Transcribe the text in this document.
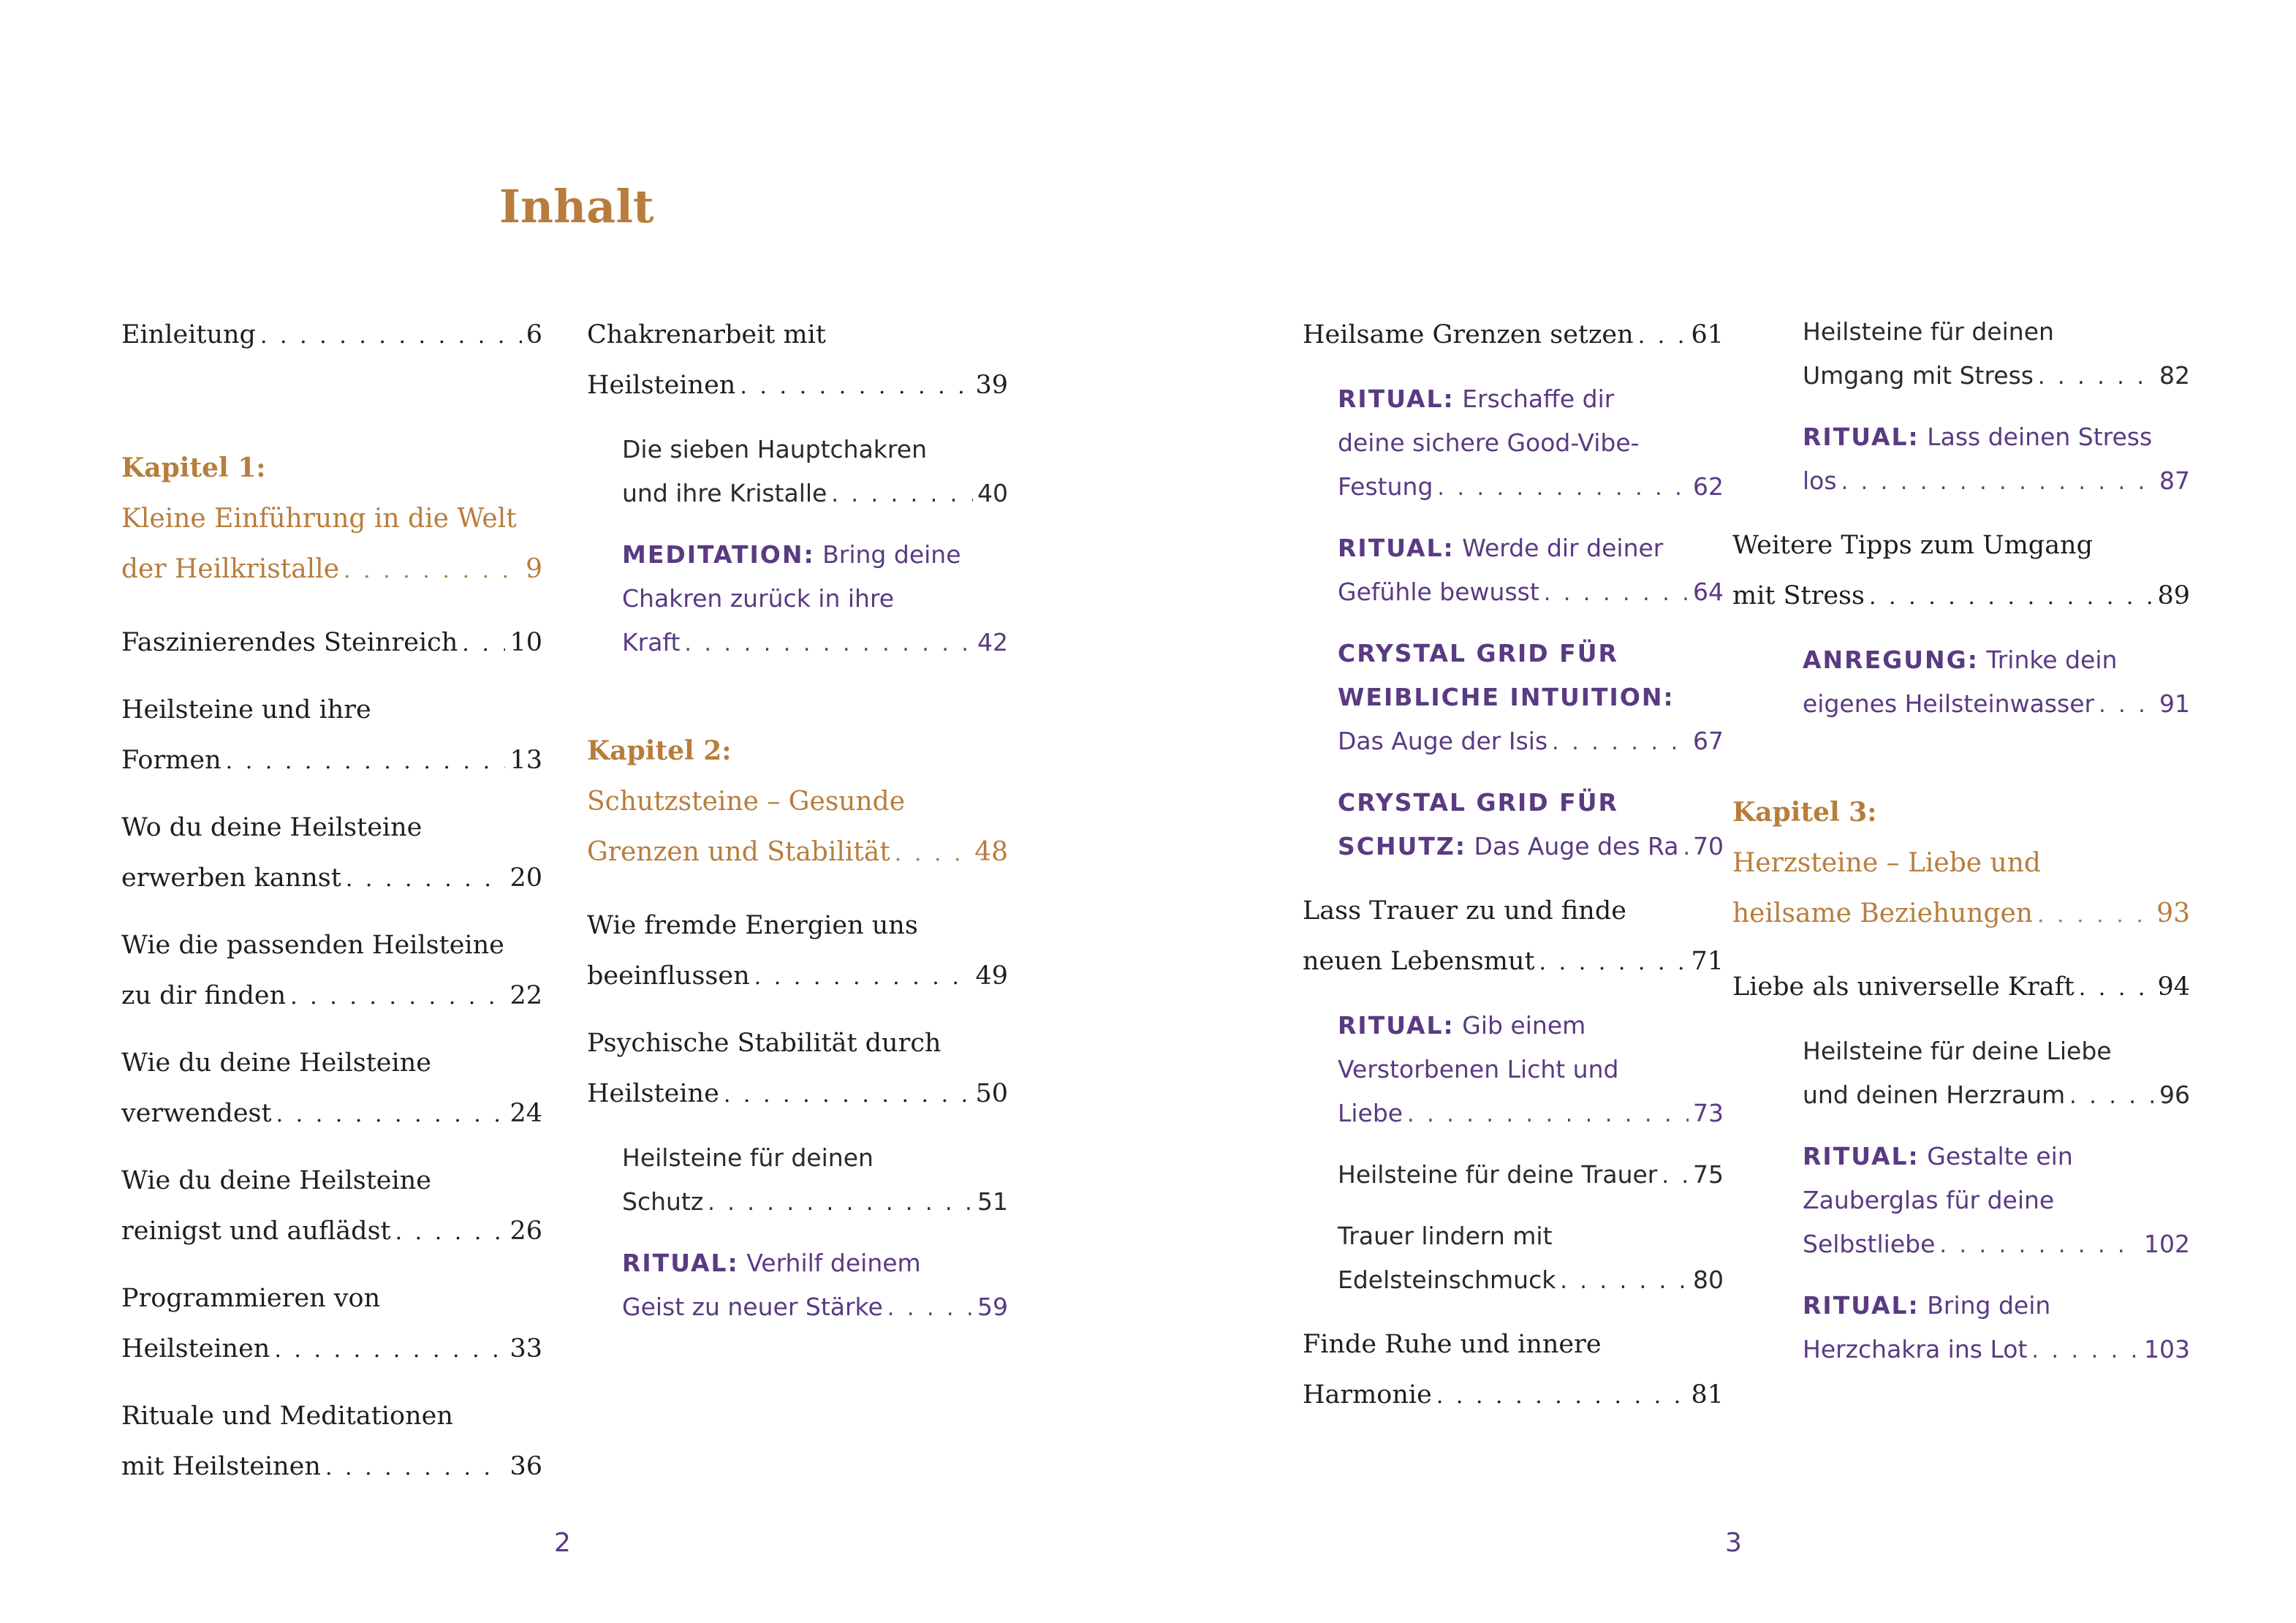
Inhalt
Einleitung . . .	6
Kapitel 1:
Kleine Einführung in die Welt
der Heilkristalle . . .	9
Faszinierendes Steinreich . . . 10
Heilsteine und ihre
Formen . . .	13
Wo du deine Heilsteine
erwerben kannst . . .	20
Wie die passenden Heilsteine
zu dir finden . . .	22
Wie du deine Heilsteine
verwendest . . .	24
Wie du deine Heilsteine
reinigst und auflädst . . .	26
Programmieren von
Heilsteinen . . .	33
Rituale und Meditationen
mit Heilsteinen . . .	36
Chakrenarbeit mit
Heilsteinen . . .	39
Die sieben Hauptchakren
und ihre Kristalle . . .	40
MEDITATION:
Bring deine
Chakren zurück in ihre
Kraft . . .	42
Kapitel 2:
Schutzsteine – Gesunde
Grenzen und Stabilität . . .	48
Wie fremde Energien uns
beeinflussen . . .	49
Psychische Stabilität durch
Heilsteine . . .	50
Heilsteine für deinen
Schutz . . .	51
RITUAL:
Verhilf deinem
Geist zu neuer Stärke . . .	59
Heilsame Grenzen setzen . . . 61
RITUAL:
Erschaffe dir
deine sichere Good-Vibe-
Festung . . .	62
RITUAL:
Werde dir deiner
Gefühle bewusst . . .	64
CRYSTAL GRID FÜR
WEIBLICHE INTUITION:
Das Auge der Isis . . .	67
CRYSTAL GRID FÜR
SCHUTZ:
Das Auge des Ra . . . 70
Lass Trauer zu und finde
neuen Lebensmut . . .	71
RITUAL:
Gib einem
Verstorbenen Licht und
Liebe . . .	73
Heilsteine für deine Trauer . . . 75
Trauer lindern mit
Edelsteinschmuck . . .	80
Finde Ruhe und innere
Harmonie . . .	81
Heilsteine für deinen
Umgang mit Stress . . .	82
RITUAL:
Lass deinen Stress
los . . .	87
Weitere Tipps zum Umgang
mit Stress . . .	89
ANREGUNG:
Trinke dein
eigenes Heilsteinwasser . . .	91
Kapitel 3:
Herzsteine – Liebe und
heilsame Beziehungen . . .	93
Liebe als universelle Kraft . . .	94
Heilsteine für deine Liebe
und deinen Herzraum . . .	96
RITUAL:
Gestalte ein
Zauberglas für deine
Selbstliebe . . .	102
RITUAL:
Bring dein
Herzchakra ins Lot . . .	103
2	3
